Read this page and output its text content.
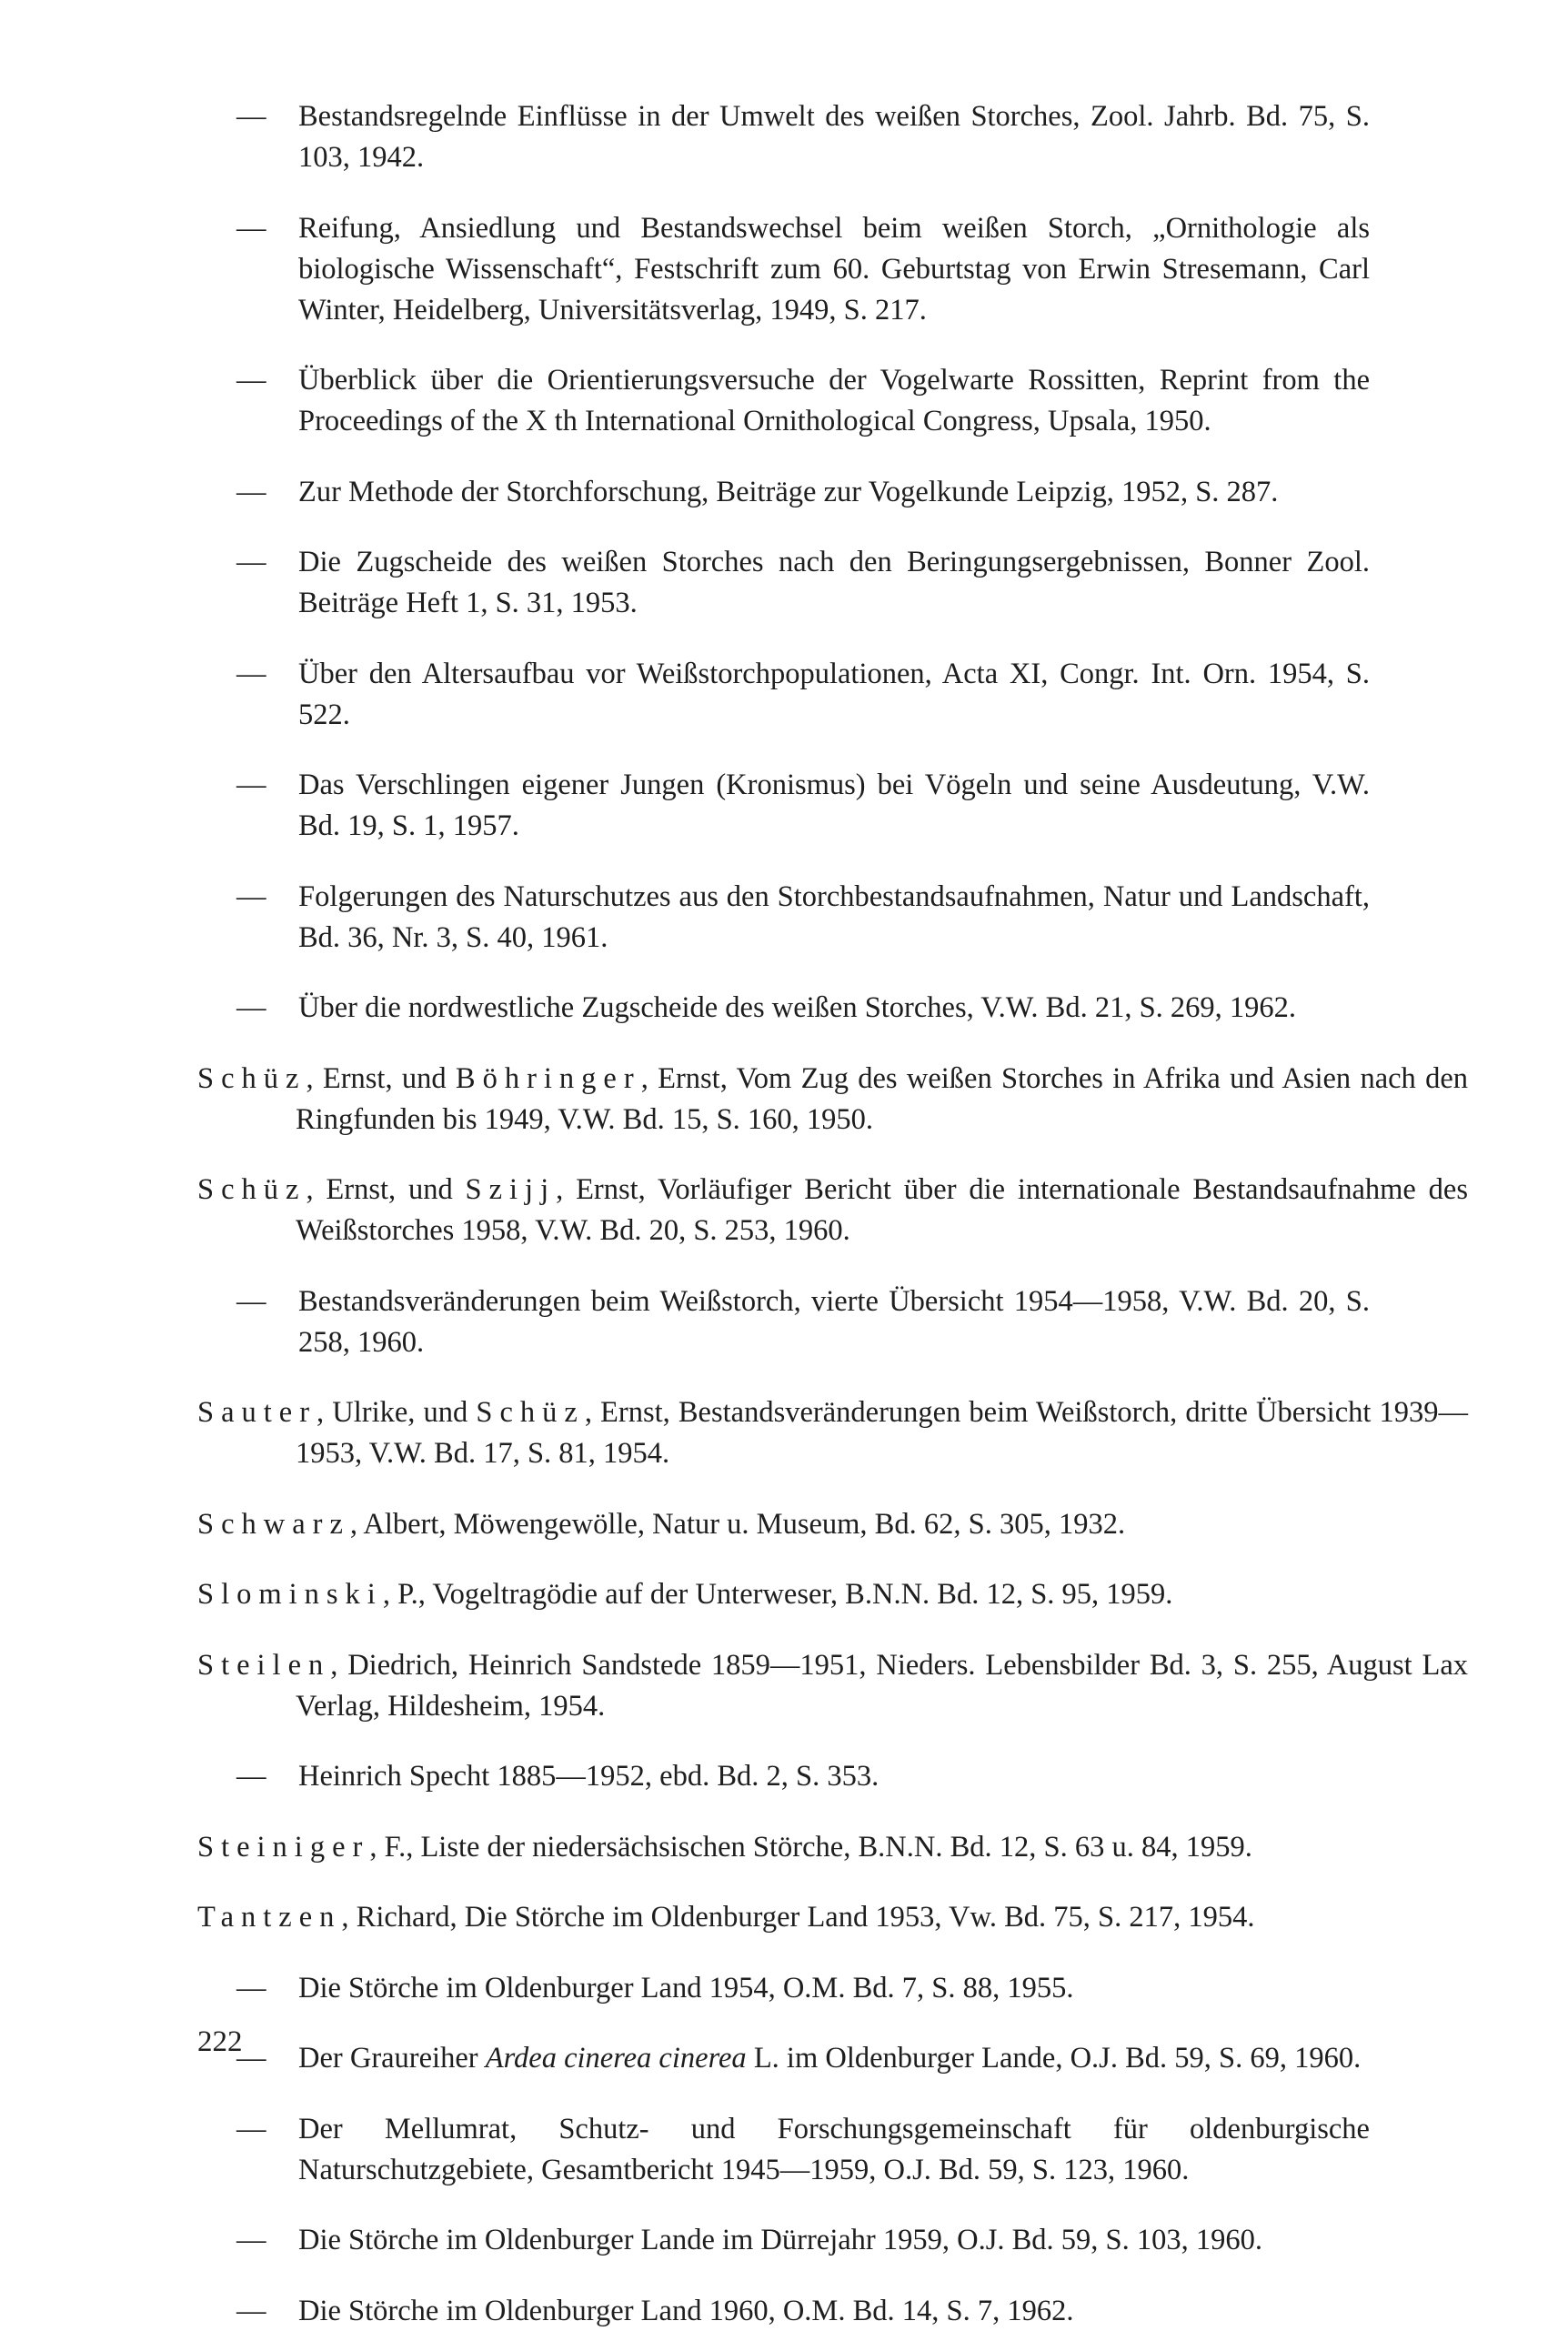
— Bestandsregelnde Einflüsse in der Umwelt des weißen Storches, Zool. Jahrb. Bd. 75, S. 103, 1942.

— Reifung, Ansiedlung und Bestandswechsel beim weißen Storch, „Ornithologie als biologische Wissenschaft“, Festschrift zum 60. Geburtstag von Erwin Stresemann, Carl Winter, Heidelberg, Universitätsverlag, 1949, S. 217.

— Überblick über die Orientierungsversuche der Vogelwarte Rossitten, Reprint from the Proceedings of the X th International Ornithological Congress, Upsala, 1950.

— Zur Methode der Storchforschung, Beiträge zur Vogelkunde Leipzig, 1952, S. 287.

— Die Zugscheide des weißen Storches nach den Beringungsergebnissen, Bonner Zool. Beiträge Heft 1, S. 31, 1953.

— Über den Altersaufbau vor Weißstorchpopulationen, Acta XI, Congr. Int. Orn. 1954, S. 522.

— Das Verschlingen eigener Jungen (Kronismus) bei Vögeln und seine Ausdeutung, V.W. Bd. 19, S. 1, 1957.

— Folgerungen des Naturschutzes aus den Storchbestandsaufnahmen, Natur und Landschaft, Bd. 36, Nr. 3, S. 40, 1961.

— Über die nordwestliche Zugscheide des weißen Storches, V.W. Bd. 21, S. 269, 1962.

Schüz, Ernst, und Böhringer, Ernst, Vom Zug des weißen Storches in Afrika und Asien nach den Ringfunden bis 1949, V.W. Bd. 15, S. 160, 1950.

Schüz, Ernst, und Szijj, Ernst, Vorläufiger Bericht über die internationale Bestandsaufnahme des Weißstorches 1958, V.W. Bd. 20, S. 253, 1960.

— Bestandsveränderungen beim Weißstorch, vierte Übersicht 1954—1958, V.W. Bd. 20, S. 258, 1960.

Sauter, Ulrike, und Schüz, Ernst, Bestandsveränderungen beim Weißstorch, dritte Übersicht 1939—1953, V.W. Bd. 17, S. 81, 1954.

Schwarz, Albert, Möwengewölle, Natur u. Museum, Bd. 62, S. 305, 1932.

Slominski, P., Vogeltragödie auf der Unterweser, B.N.N. Bd. 12, S. 95, 1959.

Steilen, Diedrich, Heinrich Sandstede 1859—1951, Nieders. Lebensbilder Bd. 3, S. 255, August Lax Verlag, Hildesheim, 1954.

— Heinrich Specht 1885—1952, ebd. Bd. 2, S. 353.

Steiniger, F., Liste der niedersächsischen Störche, B.N.N. Bd. 12, S. 63 u. 84, 1959.

Tantzen, Richard, Die Störche im Oldenburger Land 1953, Vw. Bd. 75, S. 217, 1954.

— Die Störche im Oldenburger Land 1954, O.M. Bd. 7, S. 88, 1955.

— Der Graureiher Ardea cinerea cinerea L. im Oldenburger Lande, O.J. Bd. 59, S. 69, 1960.

— Der Mellumrat, Schutz- und Forschungsgemeinschaft für oldenburgische Naturschutzgebiete, Gesamtbericht 1945—1959, O.J. Bd. 59, S. 123, 1960.

— Die Störche im Oldenburger Lande im Dürrejahr 1959, O.J. Bd. 59, S. 103, 1960.

— Die Störche im Oldenburger Land 1960, O.M. Bd. 14, S. 7, 1962.

222
